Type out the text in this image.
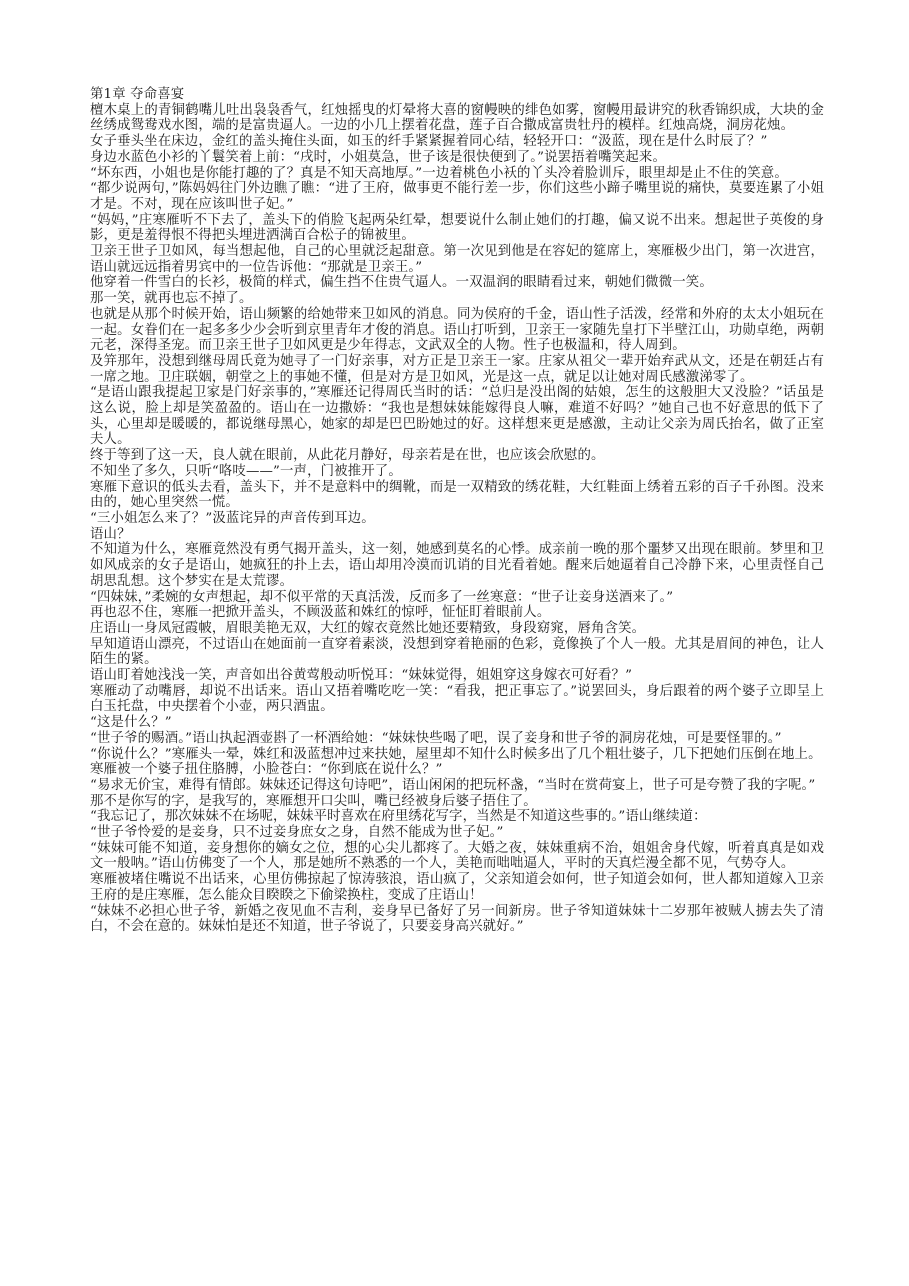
第1章 夺命喜宴

檀木桌上的青铜鹤嘴儿吐出袅袅香气，红烛摇曳的灯晕将大喜的窗幔映的绯色如雾，窗幔用最讲究的秋香锦织成，大块的金丝绣成鸳鸯戏水图，端的是富贵逼人。一边的小几上摆着花盘，莲子百合撒成富贵牡丹的模样。红烛高烧，洞房花烛。

女子垂头坐在床边，金红的盖头掩住头面，如玉的纤手紧紧握着同心结，轻轻开口：“汲蓝，现在是什么时辰了？”

身边水蓝色小衫的丫鬟笑着上前：“戌时，小姐莫急，世子该是很快便到了。”说罢捂着嘴笑起来。

“坏东西，小姐也是你能打趣的了？真是不知天高地厚。”一边着桃色小袄的丫头冷着脸训斥，眼里却是止不住的笑意。

“都少说两句，”陈妈妈往门外边瞧了瞧：“进了王府，做事更不能行差一步，你们这些小蹄子嘴里说的痛快，莫要连累了小姐才是。不对，现在应该叫世子妃。”

“妈妈，”庄寒雁听不下去了，盖头下的俏脸飞起两朵红晕，想要说什么制止她们的打趣，偏又说不出来。想起世子英俊的身影，更是羞得恨不得把头埋进洒满百合松子的锦被里。

卫亲王世子卫如风，每当想起他，自己的心里就泛起甜意。第一次见到他是在容妃的筵席上，寒雁极少出门，第一次进宫，语山就远远指着男宾中的一位告诉他：“那就是卫亲王。”

他穿着一件雪白的长衫，极简的样式，偏生挡不住贵气逼人。一双温润的眼睛看过来，朝她们微微一笑。

那一笑，就再也忘不掉了。

也就是从那个时候开始，语山频繁的给她带来卫如风的消息。同为侯府的千金，语山性子活泼，经常和外府的太太小姐玩在一起。女眷们在一起多多少少会听到京里青年才俊的消息。语山打听到，卫亲王一家随先皇打下半壁江山，功勋卓绝，两朝元老，深得圣宠。而卫亲王世子卫如风更是少年得志，文武双全的人物。性子也极温和，待人周到。

及笄那年，没想到继母周氏竟为她寻了一门好亲事，对方正是卫亲王一家。庄家从祖父一辈开始弃武从文，还是在朝廷占有一席之地。卫庄联姻，朝堂之上的事她不懂，但是对方是卫如风，光是这一点，就足以让她对周氏感激涕零了。

“是语山跟我提起卫家是门好亲事的，”寒雁还记得周氏当时的话：“总归是没出阁的姑娘，怎生的这般胆大又没脸？”话虽是这么说，脸上却是笑盈盈的。语山在一边撒娇：“我也是想妹妹能嫁得良人嘛，难道不好吗？”她自己也不好意思的低下了头，心里却是暖暖的，都说继母黑心，她家的却是巴巴盼她过的好。这样想来更是感激，主动让父亲为周氏抬名，做了正室夫人。

终于等到了这一天，良人就在眼前，从此花月静好，母亲若是在世，也应该会欣慰的。

不知坐了多久，只听“咯吱——”一声，门被推开了。

寒雁下意识的低头去看，盖头下，并不是意料中的绸靴，而是一双精致的绣花鞋，大红鞋面上绣着五彩的百子千孙图。没来由的，她心里突然一慌。

“三小姐怎么来了？”汲蓝诧异的声音传到耳边。

语山？

不知道为什么，寒雁竟然没有勇气揭开盖头，这一刻，她感到莫名的心悸。成亲前一晚的那个噩梦又出现在眼前。梦里和卫如风成亲的女子是语山，她疯狂的扑上去，语山却用冷漠而讥诮的目光看着她。醒来后她逼着自己冷静下来，心里责怪自己胡思乱想。这个梦实在是太荒谬。

“四妹妹，”柔婉的女声想起，却不似平常的天真活泼，反而多了一丝寒意：“世子让妾身送酒来了。”

再也忍不住，寒雁一把掀开盖头，不顾汲蓝和姝红的惊呼，怔怔盯着眼前人。

庄语山一身凤冠霞帔，眉眼美艳无双，大红的嫁衣竟然比她还要精致，身段窈窕，唇角含笑。

早知道语山漂亮，不过语山在她面前一直穿着素淡，没想到穿着艳丽的色彩，竟像换了个人一般。尤其是眉间的神色，让人陌生的紧。

语山盯着她浅浅一笑，声音如出谷黄莺般动听悦耳：“妹妹觉得，姐姐穿这身嫁衣可好看？”

寒雁动了动嘴唇，却说不出话来。语山又捂着嘴吃吃一笑：“看我，把正事忘了。”说罢回头，身后跟着的两个婆子立即呈上白玉托盘，中央摆着个小壶，两只酒盅。

“这是什么？”

“世子爷的赐酒。”语山执起酒壶斟了一杯酒给她：“妹妹快些喝了吧，误了妾身和世子爷的洞房花烛，可是要怪罪的。”

“你说什么？”寒雁头一晕，姝红和汲蓝想冲过来扶她，屋里却不知什么时候多出了几个粗壮婆子，几下把她们压倒在地上。

寒雁被一个婆子扭住胳膊，小脸苍白：“你到底在说什么？”

“易求无价宝，难得有情郎。妹妹还记得这句诗吧”，语山闲闲的把玩杯盏，“当时在赏荷宴上，世子可是夸赞了我的字呢。”

那不是你写的字，是我写的，寒雁想开口尖叫，嘴已经被身后婆子捂住了。

“我忘记了，那次妹妹不在场呢，妹妹平时喜欢在府里绣花写字，当然是不知道这些事的。”语山继续道：

“世子爷怜爱的是妾身，只不过妾身庶女之身，自然不能成为世子妃。”

“妹妹可能不知道，妾身想你的嫡女之位，想的心尖儿都疼了。大婚之夜，妹妹重病不治，姐姐舍身代嫁，听着真真是如戏文一般呐。”语山仿佛变了一个人，那是她所不熟悉的一个人，美艳而咄咄逼人，平时的天真烂漫全都不见，气势夺人。

寒雁被堵住嘴说不出话来，心里仿佛掠起了惊涛骇浪，语山疯了，父亲知道会如何，世子知道会如何，世人都知道嫁入卫亲王府的是庄寒雁，怎么能众目睽睽之下偷梁换柱，变成了庄语山！

“妹妹不必担心世子爷，新婚之夜见血不吉利，妾身早已备好了另一间新房。世子爷知道妹妹十二岁那年被贼人掳去失了清白，不会在意的。妹妹怕是还不知道，世子爷说了，只要妾身高兴就好。”
